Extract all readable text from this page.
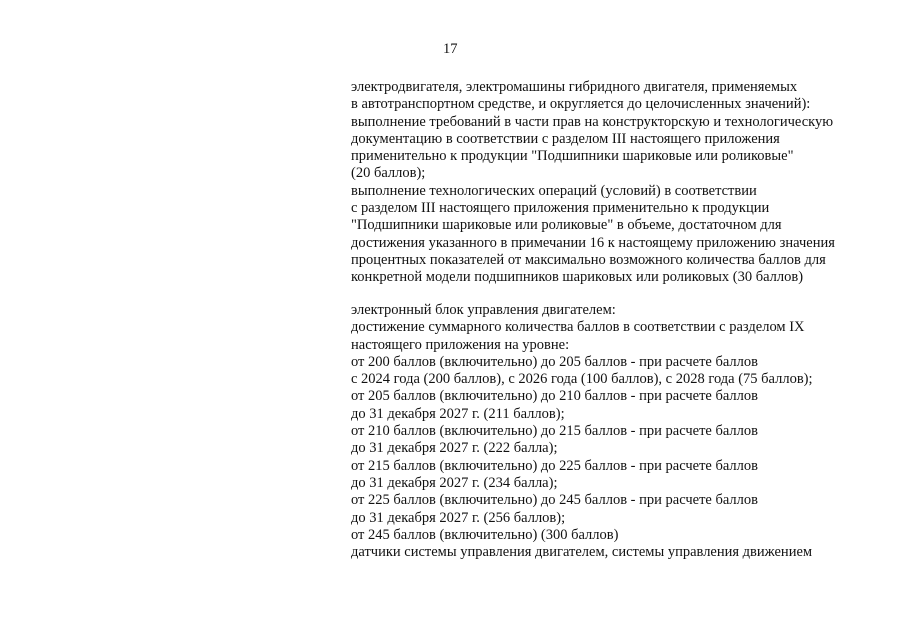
17
электродвигателя, электромашины гибридного двигателя, применяемых
в автотранспортном средстве, и округляется до целочисленных значений):
выполнение требований в части прав на конструкторскую и технологическую
документацию в соответствии с разделом III настоящего приложения
применительно к продукции "Подшипники шариковые или роликовые"
(20 баллов);
выполнение технологических операций (условий) в соответствии
с разделом III настоящего приложения применительно к продукции
"Подшипники шариковые или роликовые" в объеме, достаточном для
достижения указанного в примечании 16 к настоящему приложению значения
процентных показателей от максимально возможного количества баллов для
конкретной модели подшипников шариковых или роликовых (30 баллов)
электронный блок управления двигателем:
достижение суммарного количества баллов в соответствии с разделом IX
настоящего приложения на уровне:
от 200 баллов (включительно) до 205 баллов - при расчете баллов
с 2024 года (200 баллов), с 2026 года (100 баллов), с 2028 года (75 баллов);
от 205 баллов (включительно) до 210 баллов - при расчете баллов
до 31 декабря 2027 г. (211 баллов);
от 210 баллов (включительно) до 215 баллов - при расчете баллов
до 31 декабря 2027 г. (222 балла);
от 215 баллов (включительно) до 225 баллов - при расчете баллов
до 31 декабря 2027 г. (234 балла);
от 225 баллов (включительно) до 245 баллов - при расчете баллов
до 31 декабря 2027 г. (256 баллов);
от 245 баллов (включительно) (300 баллов)
датчики системы управления двигателем, системы управления движением
